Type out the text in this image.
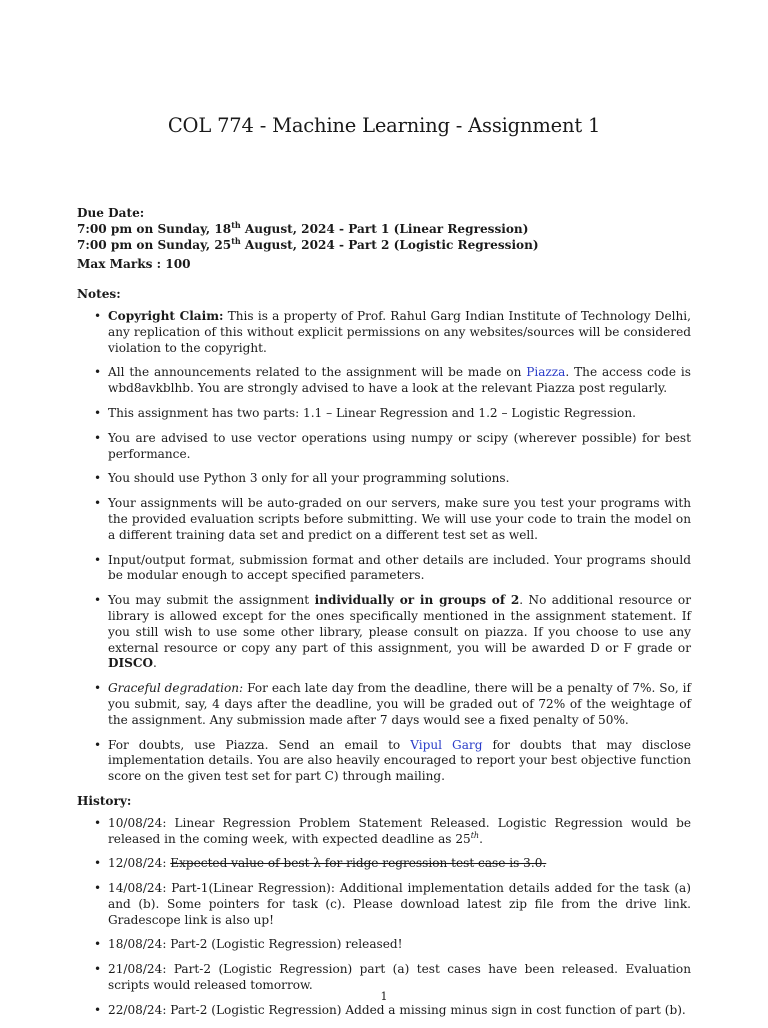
COL 774 - Machine Learning - Assignment 1
Due Date:
7:00 pm on Sunday, 18th August, 2024 - Part 1 (Linear Regression)
7:00 pm on Sunday, 25th August, 2024 - Part 2 (Logistic Regression)
Max Marks : 100
Notes:
• Copyright Claim: This is a property of Prof. Rahul Garg Indian Institute of Technology Delhi, any replication of this without explicit permissions on any websites/sources will be considered violation to the copyright.
• All the announcements related to the assignment will be made on Piazza. The access code is wbd8avkblhb. You are strongly advised to have a look at the relevant Piazza post regularly.
• This assignment has two parts: 1.1 – Linear Regression and 1.2 – Logistic Regression.
• You are advised to use vector operations using numpy or scipy (wherever possible) for best performance.
• You should use Python 3 only for all your programming solutions.
• Your assignments will be auto-graded on our servers, make sure you test your programs with the provided evaluation scripts before submitting. We will use your code to train the model on a different training data set and predict on a different test set as well.
• Input/output format, submission format and other details are included. Your programs should be modular enough to accept specified parameters.
• You may submit the assignment individually or in groups of 2. No additional resource or library is allowed except for the ones specifically mentioned in the assignment statement. If you still wish to use some other library, please consult on piazza. If you choose to use any external resource or copy any part of this assignment, you will be awarded D or F grade or DISCO.
• Graceful degradation: For each late day from the deadline, there will be a penalty of 7%. So, if you submit, say, 4 days after the deadline, you will be graded out of 72% of the weightage of the assignment. Any submission made after 7 days would see a fixed penalty of 50%.
• For doubts, use Piazza. Send an email to Vipul Garg for doubts that may disclose implementation details. You are also heavily encouraged to report your best objective function score on the given test set for part C) through mailing.
History:
• 10/08/24: Linear Regression Problem Statement Released. Logistic Regression would be released in the coming week, with expected deadline as 25th.
• 12/08/24: Expected value of best λ for ridge regression test case is 3.0.
• 14/08/24: Part-1(Linear Regression): Additional implementation details added for the task (a) and (b). Some pointers for task (c). Please download latest zip file from the drive link. Gradescope link is also up!
• 18/08/24: Part-2 (Logistic Regression) released!
• 21/08/24: Part-2 (Logistic Regression) part (a) test cases have been released. Evaluation scripts would released tomorrow.
• 22/08/24: Part-2 (Logistic Regression) Added a missing minus sign in cost function of part (b).
1
